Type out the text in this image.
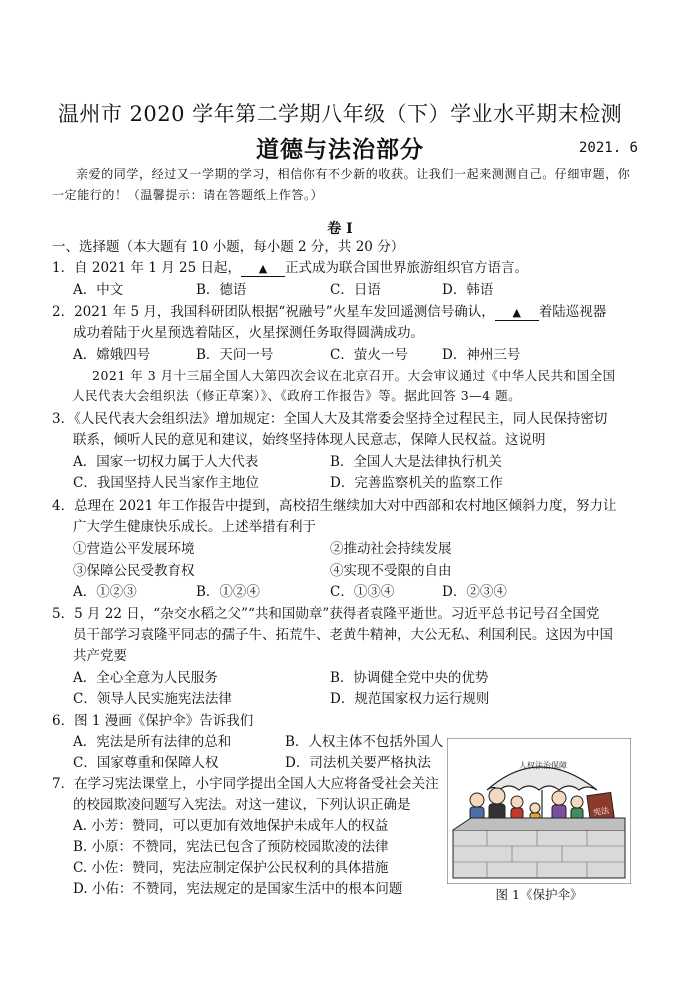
温州市 2020 学年第二学期八年级（下）学业水平期末检测
道德与法治部分	2021. 6
亲爱的同学，经过又一学期的学习，相信你有不少新的收获。让我们一起来测测自己。仔细审题，你一定能行的！（温馨提示：请在答题纸上作答。）
卷 I
一、选择题（本大题有 10 小题，每小题 2 分，共 20 分）
1．自 2021 年 1 月 25 日起， ▲ 正式成为联合国世界旅游组织官方语言。
A．中文	B．德语	C．日语	D．韩语
2．2021 年 5 月，我国科研团队根据“祝融号”火星车发回遥测信号确认， ▲ 着陆巡视器
成功着陆于火星预选着陆区，火星探测任务取得圆满成功。
A．嫦娥四号	B．天问一号	C．萤火一号	D．神州三号
2021 年 3 月十三届全国人大第四次会议在北京召开。大会审议通过《中华人民共和国全国
人民代表大会组织法（修正草案）》、《政府工作报告》等。据此回答 3—4 题。
3．《人民代表大会组织法》增加规定：全国人大及其常委会坚持全过程民主，同人民保持密切
联系，倾听人民的意见和建议，始终坚持体现人民意志，保障人民权益。这说明
A．国家一切权力属于人大代表	B．全国人大是法律执行机关
C．我国坚持人民当家作主地位	D．完善监察机关的监察工作
4．总理在 2021 年工作报告中提到，高校招生继续加大对中西部和农村地区倾斜力度，努力让
广大学生健康快乐成长。上述举措有利于
①营造公平发展环境	②推动社会持续发展
③保障公民受教育权	④实现不受限的自由
A．①②③	B．①②④	C．①③④	D．②③④
5．5 月 22 日，“杂交水稻之父”“共和国勋章”获得者袁隆平逝世。习近平总书记号召全国党
员干部学习袁隆平同志的孺子牛、拓荒牛、老黄牛精神，大公无私、利国利民。这因为中国
共产党要
A．全心全意为人民服务	B．协调健全党中央的优势
C．领导人民实施宪法法律	D．规范国家权力运行规则
6．图 1 漫画《保护伞》告诉我们
A．宪法是所有法律的总和	B．人权主体不包括外国人
C．国家尊重和保障人权	D．司法机关要严格执法
7．在学习宪法课堂上，小宇同学提出全国人大应将备受社会关注
的校园欺凌问题写入宪法。对这一建议，下列认识正确是
A. 小芳：赞同，可以更加有效地保护未成年人的权益
B. 小原：不赞同，宪法已包含了预防校园欺凌的法律
C. 小佐：赞同，宪法应制定保护公民权利的具体措施
D. 小佑：不赞同，宪法规定的是国家生活中的根本问题
人权法治保障
宪法
图 1《保护伞》
